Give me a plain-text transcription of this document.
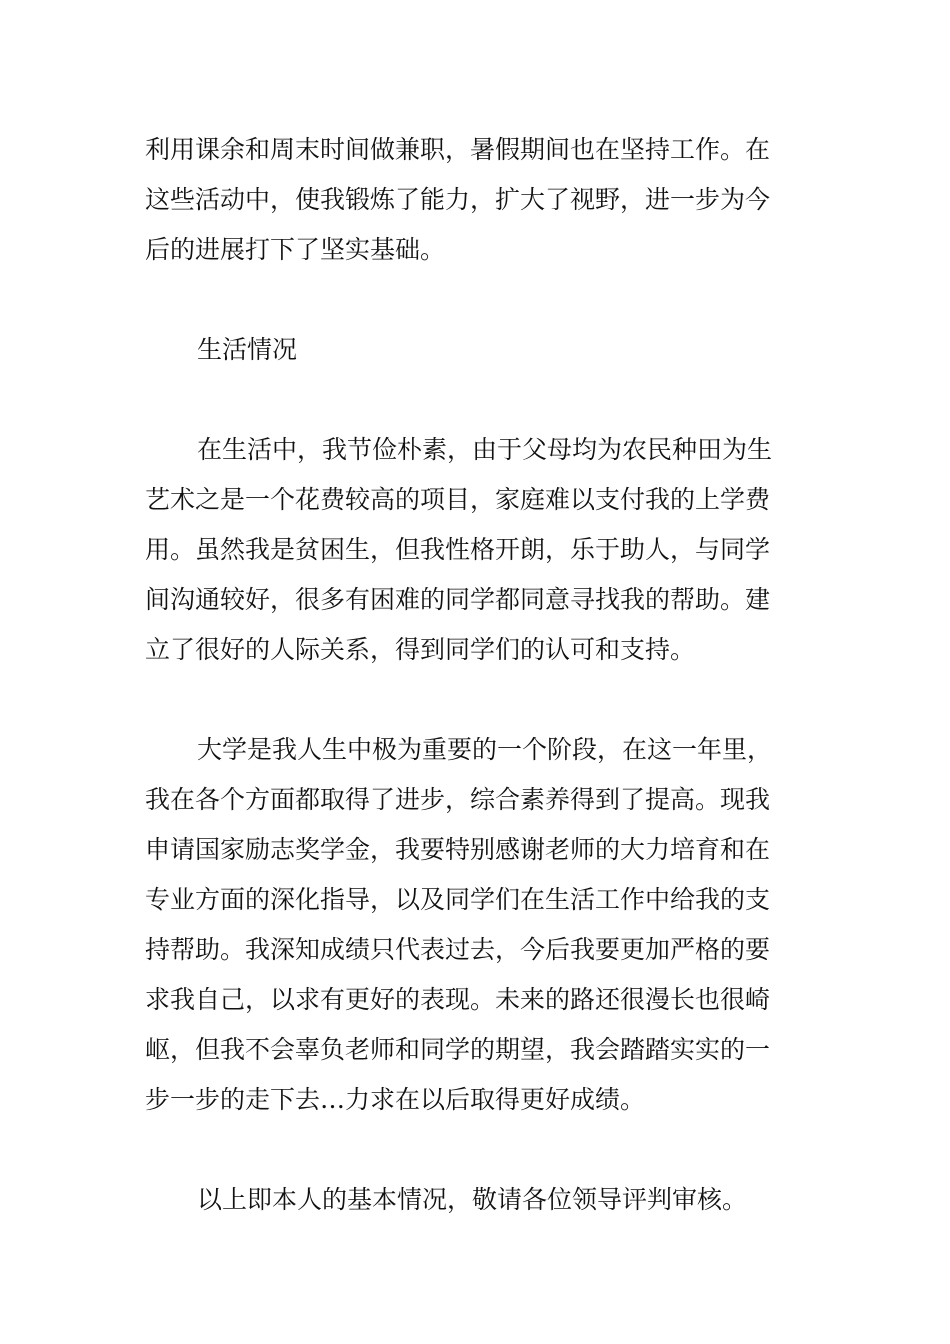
利用课余和周末时间做兼职，暑假期间也在坚持工作。在
这些活动中，使我锻炼了能力，扩大了视野，进一步为今
后的进展打下了坚实基础。
生活情况
在生活中，我节俭朴素，由于父母均为农民种田为生
艺术之是一个花费较高的项目，家庭难以支付我的上学费
用。虽然我是贫困生，但我性格开朗，乐于助人，与同学
间沟通较好，很多有困难的同学都同意寻找我的帮助。建
立了很好的人际关系，得到同学们的认可和支持。
大学是我人生中极为重要的一个阶段，在这一年里，
我在各个方面都取得了进步，综合素养得到了提高。现我
申请国家励志奖学金，我要特别感谢老师的大力培育和在
专业方面的深化指导，以及同学们在生活工作中给我的支
持帮助。我深知成绩只代表过去，今后我要更加严格的要
求我自己，以求有更好的表现。未来的路还很漫长也很崎
岖，但我不会辜负老师和同学的期望，我会踏踏实实的一
步一步的走下去…力求在以后取得更好成绩。
以上即本人的基本情况，敬请各位领导评判审核。
